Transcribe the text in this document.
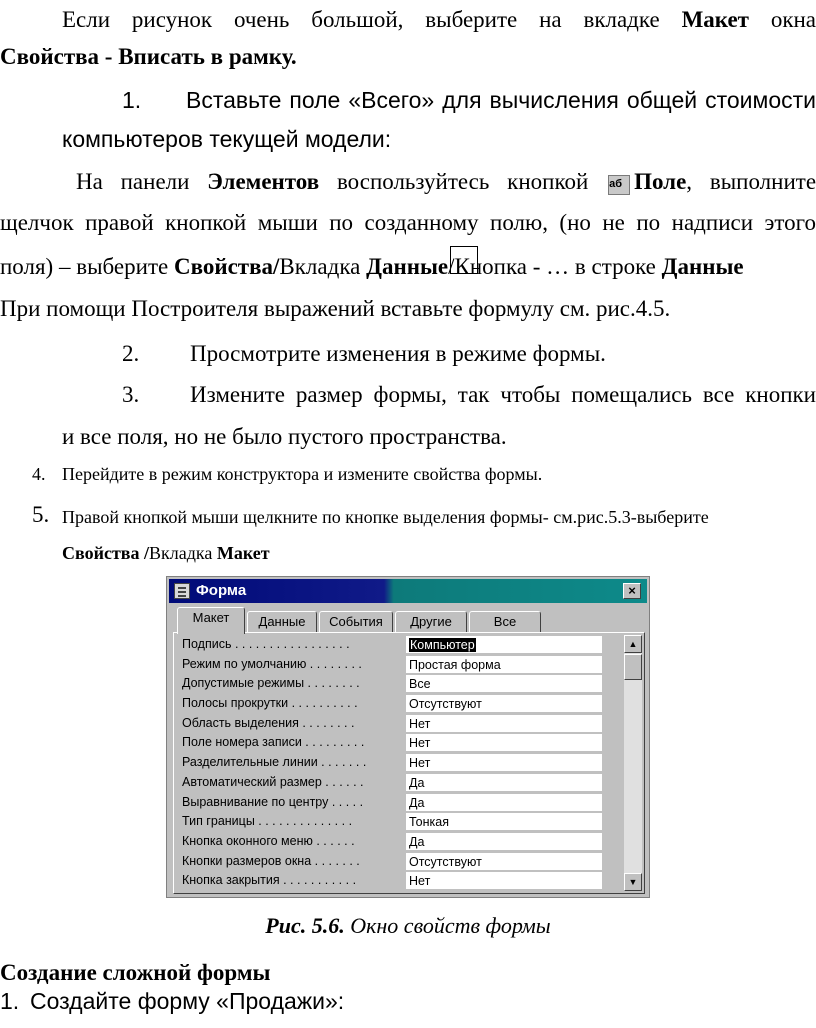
Если рисунок очень большой, выберите на вкладке Макет окна
Свойства - Вписать в рамку.
1. Вставьте поле «Всего» для вычисления общей стоимости
компьютеров текущей модели:
На панели Элементов воспользуйтесь кнопкой аб Поле, выполните
щелчок правой кнопкой мыши по созданному полю, (но не по надписи этого
поля) – выберите Свойства/Вкладка Данные/Кнопка - … в строке Данные
При помощи Построителя выражений вставьте формулу см. рис.4.5.
2. Просмотрите изменения в режиме формы.
3. Измените размер формы, так чтобы помещались все кнопки
и все поля, но не было пустого пространства.
4. Перейдите в режим конструктора и измените свойства формы.
5. Правой кнопкой мыши щелкните по кнопке выделения формы- см.рис.5.3-выберите
Свойства /Вкладка Макет
Форма	×
Макет	Данные	События	Другие	Все
Подпись . . . . . . . . . . . . . . . . .	Компьютер
Режим по умолчанию . . . . . . . .	Простая форма
Допустимые режимы . . . . . . . .	Все
Полосы прокрутки . . . . . . . . . .	Отсутствуют
Область выделения . . . . . . . .	Нет
Поле номера записи . . . . . . . . .	Нет
Разделительные линии . . . . . . .	Нет
Автоматический размер . . . . . .	Да
Выравнивание по центру . . . . .	Да
Тип границы . . . . . . . . . . . . . .	Тонкая
Кнопка оконного меню . . . . . .	Да
Кнопки размеров окна . . . . . . .	Отсутствуют
Кнопка закрытия . . . . . . . . . . .	Нет
▲
▼
Рис. 5.6. Окно свойств формы
Создание сложной формы
1. Создайте форму «Продажи»:
